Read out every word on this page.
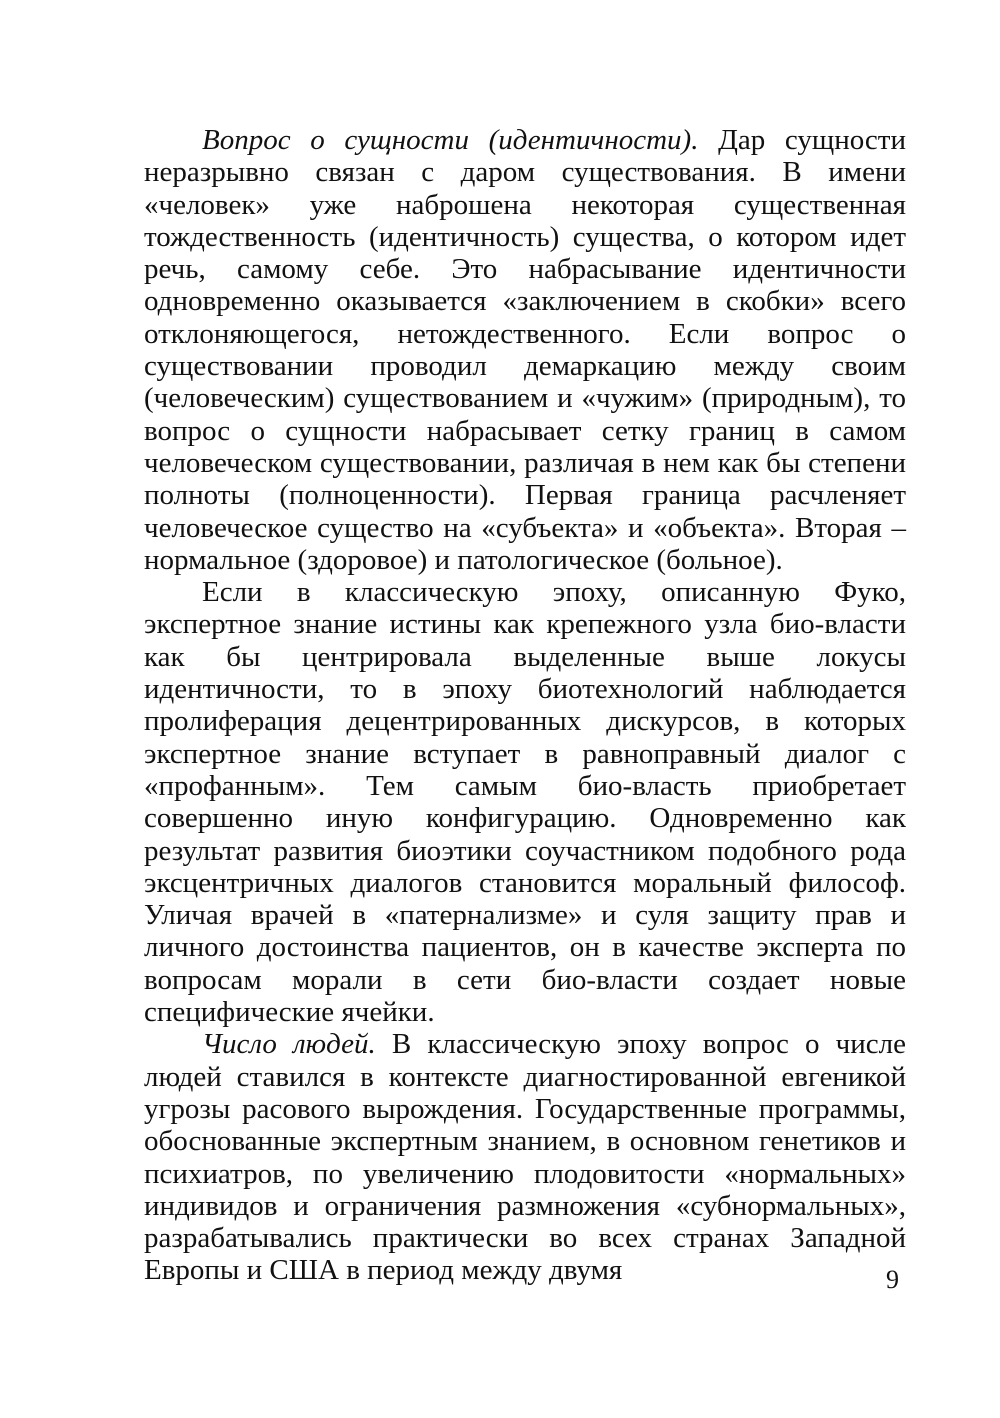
Вопрос о сущности (идентичности). Дар сущности неразрывно связан с даром существования. В имени «человек» уже наброшена некоторая существенная тождественность (идентичность) существа, о котором идет речь, самому себе. Это набрасывание идентичности одновременно оказывается «заключением в скобки» всего отклоняющегося, нетождественного. Если вопрос о существовании проводил демаркацию между своим (человеческим) существованием и «чужим» (природным), то вопрос о сущности набрасывает сетку границ в самом человеческом существовании, различая в нем как бы степени полноты (полноценности). Первая граница расчленяет человеческое существо на «субъекта» и «объекта». Вторая – нормальное (здоровое) и патологическое (больное).

Если в классическую эпоху, описанную Фуко, экспертное знание истины как крепежного узла био-власти как бы центрировала выделенные выше локусы идентичности, то в эпоху биотехнологий наблюдается пролиферация децентрированных дискурсов, в которых экспертное знание вступает в равноправный диалог с «профанным». Тем самым био-власть приобретает совершенно иную конфигурацию. Одновременно как результат развития биоэтики соучастником подобного рода эксцентричных диалогов становится моральный философ. Уличая врачей в «патернализме» и суля защиту прав и личного достоинства пациентов, он в качестве эксперта по вопросам морали в сети био-власти создает новые специфические ячейки.

Число людей. В классическую эпоху вопрос о числе людей ставился в контексте диагностированной евгеникой угрозы расового вырождения. Государственные программы, обоснованные экспертным знанием, в основном генетиков и психиатров, по увеличению плодовитости «нормальных» индивидов и ограничения размножения «субнормальных», разрабатывались практически во всех странах Западной Европы и США в период между двумя	9
